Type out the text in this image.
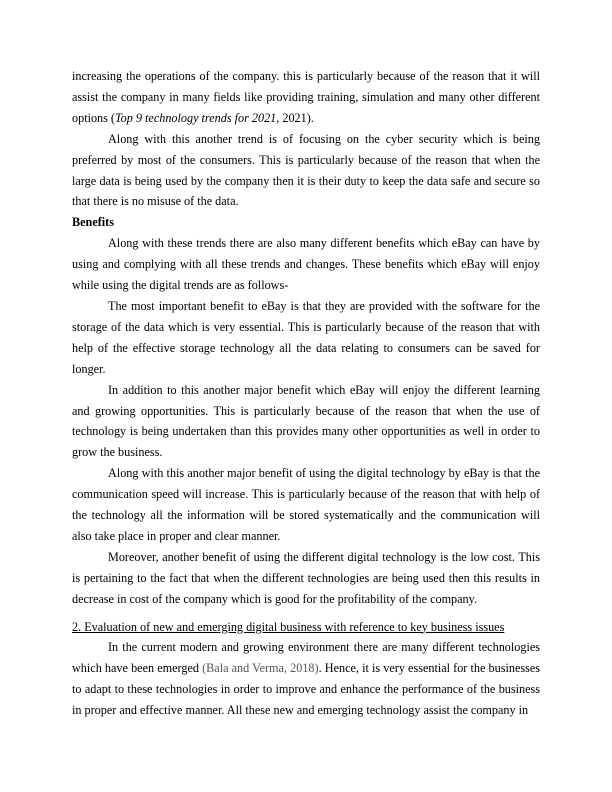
increasing the operations of the company. this is particularly because of the reason that it will assist the company in many fields like providing training, simulation and many other different options (Top 9 technology trends for 2021, 2021).

Along with this another trend is of focusing on the cyber security which is being preferred by most of the consumers. This is particularly because of the reason that when the large data is being used by the company then it is their duty to keep the data safe and secure so that there is no misuse of the data.

Benefits

Along with these trends there are also many different benefits which eBay can have by using and complying with all these trends and changes. These benefits which eBay will enjoy while using the digital trends are as follows-

The most important benefit to eBay is that they are provided with the software for the storage of the data which is very essential. This is particularly because of the reason that with help of the effective storage technology all the data relating to consumers can be saved for longer.

In addition to this another major benefit which eBay will enjoy the different learning and growing opportunities. This is particularly because of the reason that when the use of technology is being undertaken than this provides many other opportunities as well in order to grow the business.

Along with this another major benefit of using the digital technology by eBay is that the communication speed will increase. This is particularly because of the reason that with help of the technology all the information will be stored systematically and the communication will also take place in proper and clear manner.

Moreover, another benefit of using the different digital technology is the low cost. This is pertaining to the fact that when the different technologies are being used then this results in decrease in cost of the company which is good for the profitability of the company.

2. Evaluation of new and emerging digital business with reference to key business issues

In the current modern and growing environment there are many different technologies which have been emerged (Bala and Verma, 2018). Hence, it is very essential for the businesses to adapt to these technologies in order to improve and enhance the performance of the business in proper and effective manner. All these new and emerging technology assist the company in
